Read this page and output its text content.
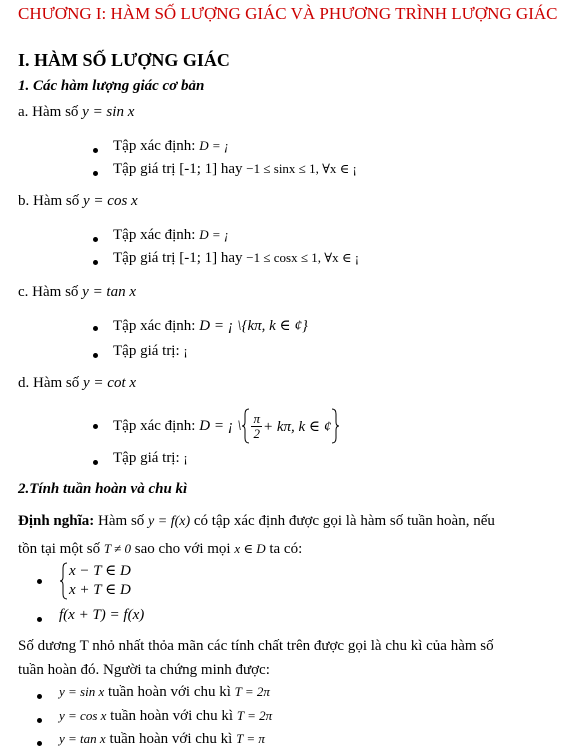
CHƯƠNG I: HÀM SỐ LƯỢNG GIÁC VÀ PHƯƠNG TRÌNH LƯỢNG GIÁC
I. HÀM SỐ LƯỢNG GIÁC
1. Các hàm lượng giác cơ bản
a. Hàm số y = sin x
Tập xác định: D = ¡
Tập giá trị [-1; 1] hay −1 ≤ sinx ≤ 1, ∀x ∈ ¡
b. Hàm số y = cos x
Tập xác định: D = ¡
Tập giá trị [-1; 1] hay −1 ≤ cosx ≤ 1, ∀x ∈ ¡
c. Hàm số y = tan x
Tập xác định: D = ¡ \{kπ, k ∈ ¢}
Tập giá trị: ¡
d. Hàm số y = cot x
Tập xác định:
D = ¡ \ $\frac{\pi}{2} + k\pi$, k ∈ ¢
Tập giá trị: ¡
2.Tính tuần hoàn và chu kì
Định nghĩa: Hàm số y = f(x) có tập xác định được gọi là hàm số tuần hoàn, nếu
tồn tại một số T ≠ 0 sao cho với mọi x ∈ D ta có:
x − T ∈ D
x + T ∈ D
f(x + T) = f(x)
Số dương T nhỏ nhất thỏa mãn các tính chất trên được gọi là chu kì của hàm số
tuần hoàn đó. Người ta chứng minh được:
y = sin x tuần hoàn với chu kì T = 2π
y = cos x tuần hoàn với chu kì T = 2π
y = tan x tuần hoàn với chu kì T = π
